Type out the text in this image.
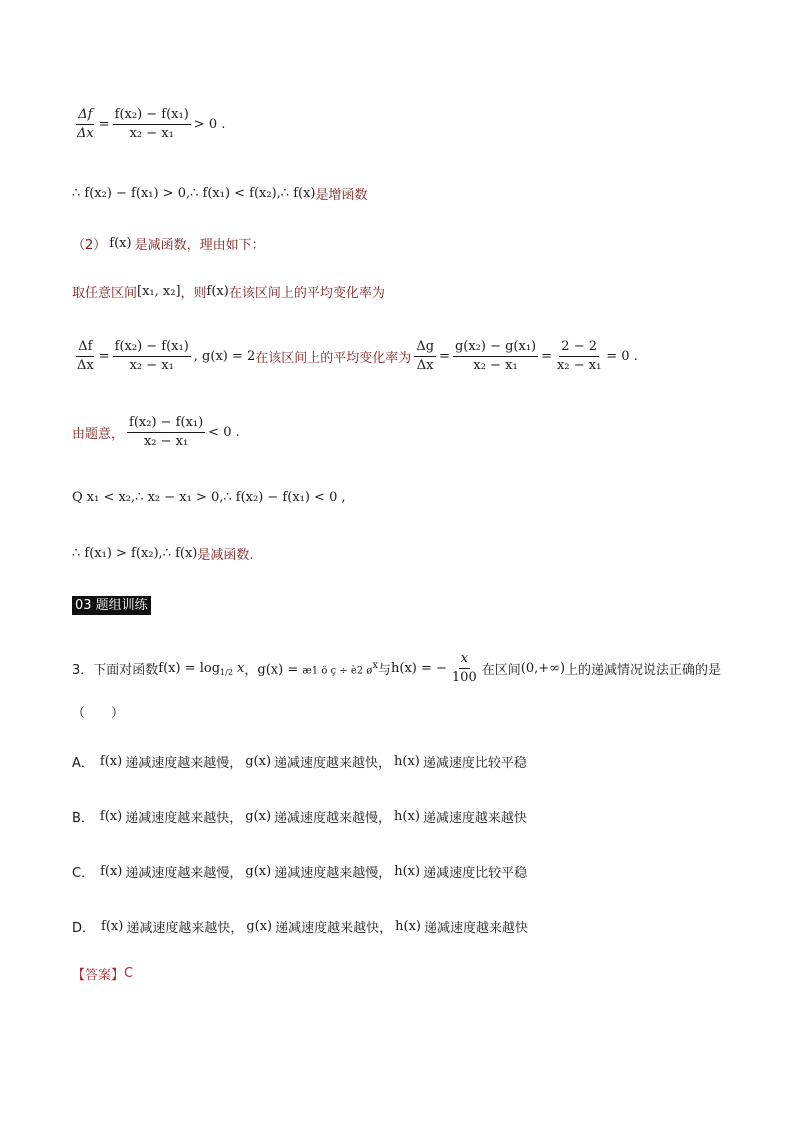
$\frac{\Delta f}{\Delta x} = \frac{\text{f(x₂) − f(x₁)}}{\text{x₂ − x₁}} > 0$ .
∴ f(x₂) − f(x₁) > 0,∴ f(x₁) < f(x₂),∴ f(x) 是增函数
（2） f(x) 是减函数，理由如下：
取任意区间 [x₁, x₂] ，则 f(x) 在该区间上的平均变化率为
$\frac{\Delta f}{\Delta x} = \frac{\text{f(x₂) − f(x₁)}}{\text{x₂ − x₁}}$ , g(x) = 2 在该区间上的平均变化率为 $\frac{\Delta g}{\Delta x} = \frac{\text{g(x₂) − g(x₁)}}{\text{x₂ − x₁}} = \frac{2 - 2}{\text{x₂ − x₁}} = 0$ .
由题意， $\frac{\text{f(x₂) − f(x₁)}}{\text{x₂ − x₁}} < 0$ .
Q x₁ < x₂,∴ x₂ − x₁ > 0,∴ f(x₂) − f(x₁) < 0 ,
∴ f(x₁) > f(x₂),∴ f(x) 是减函数.
03 题组训练
3．下面对函数 $f(x) = \log_{1/2} x$ ， g(x) = æ1 ö ç ÷ è2 $ø^x$ 与 h(x) = − $\frac{x}{100}$ 在区间 (0,+∞) 上的递减情况说法正确的是
（　　）
A． f(x) 递减速度越来越慢， g(x) 递减速度越来越快， h(x) 递减速度比较平稳
B． f(x) 递减速度越来越快， g(x) 递减速度越来越慢， h(x) 递减速度越来越快
C． f(x) 递减速度越来越慢， g(x) 递减速度越来越慢， h(x) 递减速度比较平稳
D． f(x) 递减速度越来越快， g(x) 递减速度越来越快， h(x) 递减速度越来越快
【答案】 C
